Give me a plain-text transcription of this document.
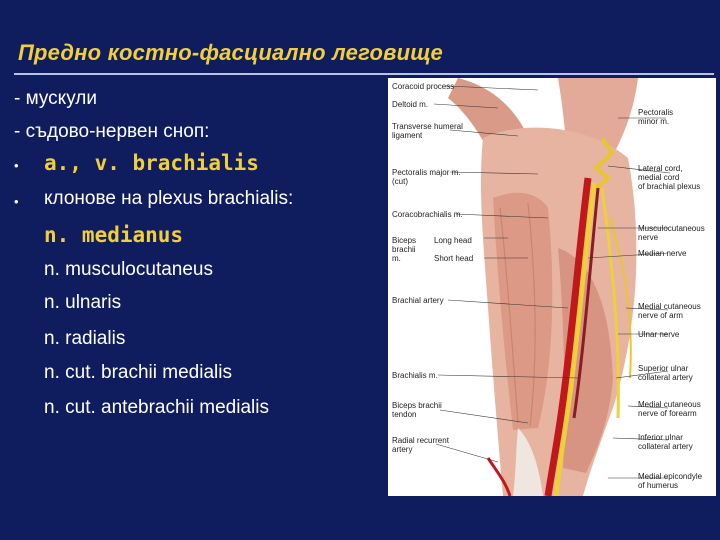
Предно костно-фасциално леговище
- мускули
- съдово-нервен сноп:
• a., v. brachialis
• клонове на plexus brachialis:
n. medianus
n. musculocutaneus
n. ulnaris
n. radialis
n. cut. brachii medialis
n. cut. antebrachii medialis
Coracoid process
Deltoid m.
Transverse humeral
ligament
Pectoralis major m.
(cut)
Coracobrachialis m.
Biceps
brachii
m.
Long head
Short head
Brachial artery
Brachialis m.
Biceps brachii
tendon
Radial recurrent
artery
Pectoralis
minor m.
Lateral cord,
medial cord
of brachial plexus
Musculocutaneous
nerve
Median nerve
Medial cutaneous
nerve of arm
Ulnar nerve
Superior ulnar
collateral artery
Medial cutaneous
nerve of forearm
Inferior ulnar
collateral artery
Medial epicondyle
of humerus
